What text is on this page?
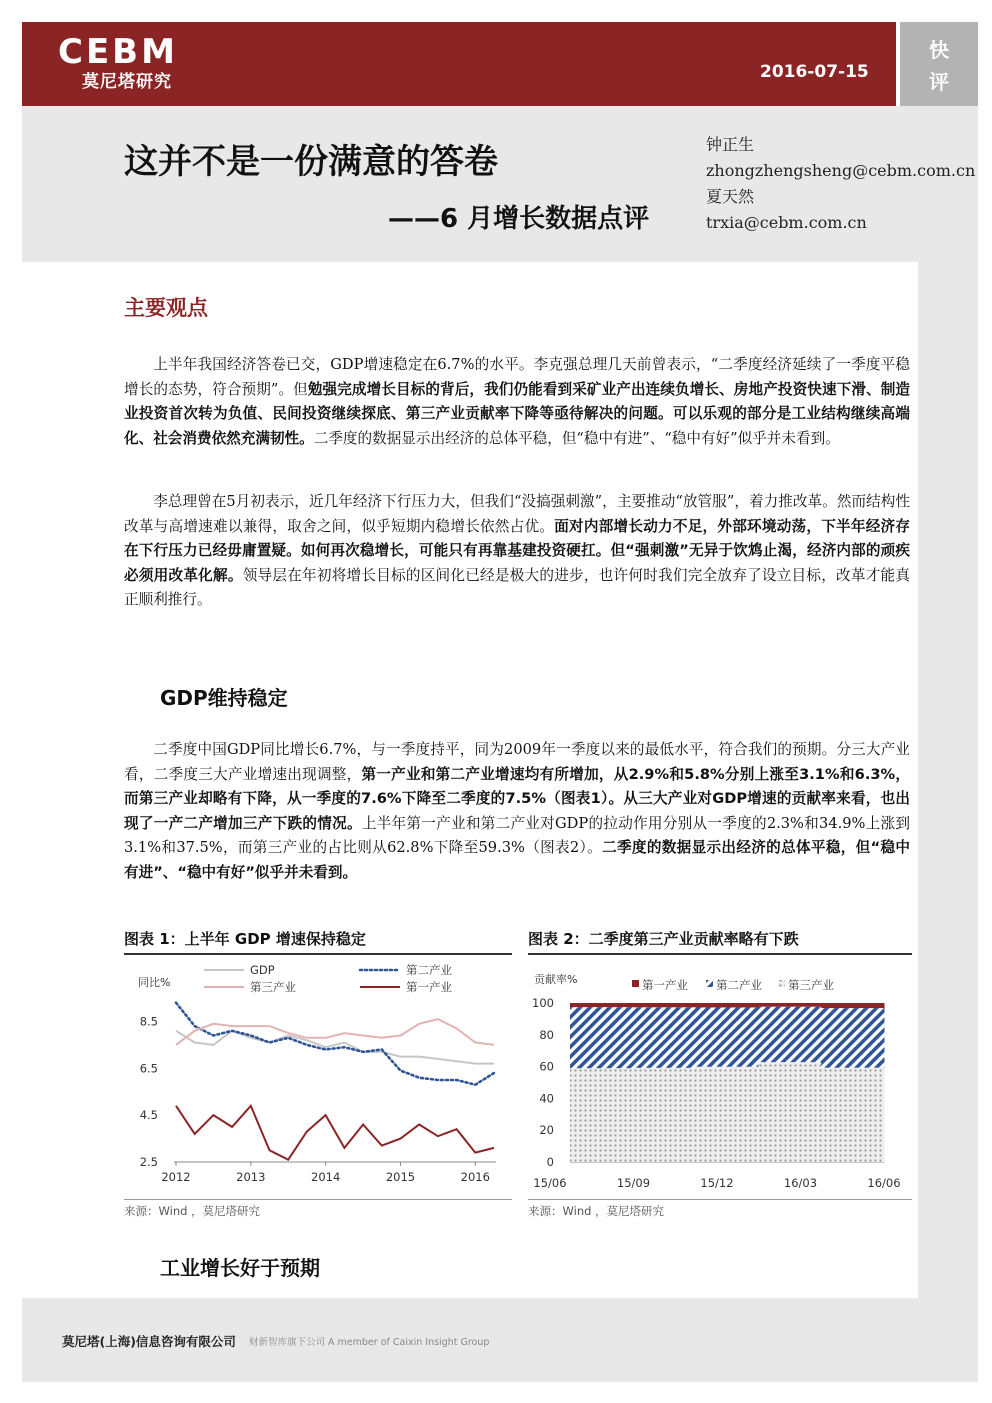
CEBM
莫尼塔研究	2016-07-15
快
评
这并不是一份满意的答卷
——6 月增长数据点评
钟正生
zhongzhengsheng@cebm.com.cn
夏天然
trxia@cebm.com.cn
主要观点
上半年我国经济答卷已交，GDP增速稳定在6.7%的水平。李克强总理几天前曾表示，“二季度经济延续了一季度平稳增长的态势，符合预期”。但勉强完成增长目标的背后，我们仍能看到采矿业产出连续负增长、房地产投资快速下滑、制造业投资首次转为负值、民间投资继续探底、第三产业贡献率下降等亟待解决的问题。可以乐观的部分是工业结构继续高端化、社会消费依然充满韧性。二季度的数据显示出经济的总体平稳，但“稳中有进”、“稳中有好”似乎并未看到。
李总理曾在5月初表示，近几年经济下行压力大，但我们“没搞强刺激”，主要推动“放管服”，着力推改革。然而结构性改革与高增速难以兼得，取舍之间，似乎短期内稳增长依然占优。面对内部增长动力不足，外部环境动荡，下半年经济存在下行压力已经毋庸置疑。如何再次稳增长，可能只有再靠基建投资硬扛。但“强刺激”无异于饮鸩止渴，经济内部的顽疾必须用改革化解。领导层在年初将增长目标的区间化已经是极大的进步，也许何时我们完全放弃了设立目标，改革才能真正顺利推行。
GDP维持稳定
二季度中国GDP同比增长6.7%，与一季度持平，同为2009年一季度以来的最低水平，符合我们的预期。分三大产业看，二季度三大产业增速出现调整，第一产业和第二产业增速均有所增加，从2.9%和5.8%分别上涨至3.1%和6.3%，而第三产业却略有下降，从一季度的7.6%下降至二季度的7.5%（图表1）。从三大产业对GDP增速的贡献率来看，也出现了一产二产增加三产下跌的情况。上半年第一产业和第二产业对GDP的拉动作用分别从一季度的2.3%和34.9%上涨到3.1%和37.5%，而第三产业的占比则从62.8%下降至59.3%（图表2）。二季度的数据显示出经济的总体平稳，但“稳中有进”、“稳中有好”似乎并未看到。
图表 1：上半年 GDP 增速保持稳定
同比%
8.5
6.5
4.5
2.5
2012	2013	2014	2015	2016
GDP	第二产业
第三产业	第一产业
来源：Wind ，莫尼塔研究
图表 2：二季度第三产业贡献率略有下跌
贡献率%
100
80
60
40
20
0
15/06	15/09	15/12	16/03	16/06
第一产业 第二产业 第三产业
来源：Wind ，莫尼塔研究
工业增长好于预期
莫尼塔(上海)信息咨询有限公司 财新智库旗下公司 A member of Caixin Insight Group
